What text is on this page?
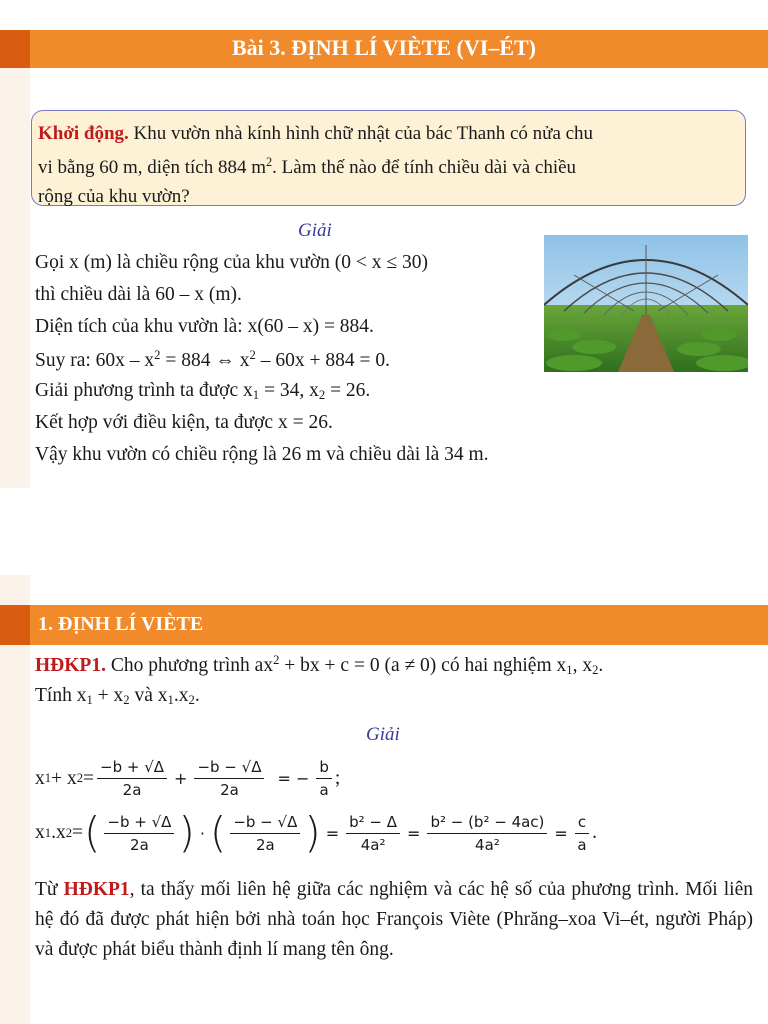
Bài 3. ĐỊNH LÍ VIÈTE (VI–ÉT)
Khởi động. Khu vườn nhà kính hình chữ nhật của bác Thanh có nửa chu
vi bằng 60 m, diện tích 884 $m^2$. Làm thế nào để tính chiều dài và chiều
rộng của khu vườn?
Giải
Gọi x (m) là chiều rộng của khu vườn (0 < x ≤ 30)
thì chiều dài là 60 – x (m).
Diện tích của khu vườn là: x(60 – x) = 884.
Suy ra: $60x - x^2 = 884$ ⇔ $x^2 - 60x + 884 = 0$.
Giải phương trình ta được $x_1 = 34$, $x_2 = 26$.
Kết hợp với điều kiện, ta được x = 26.
Vậy khu vườn có chiều rộng là 26 m và chiều dài là 34 m.
1. ĐỊNH LÍ VIÈTE
HĐKP1. Cho phương trình $ax^2$ + bx + c = 0 (a ≠ 0) có hai nghiệm $x_1$, $x_2$.
Tính $x_1 + x_2$ và $x_1.x_2$.
Giải
x 1 + x $2 = \frac{-b + √\Delta}{2a} + \frac{-b - √\Delta}{2a}$ = − $\frac{b}{a}$ ;
x 1 .x 2 = ( $\frac{-b + √\Delta}{2a}$ ) · ( $\frac{-b - √\Delta}{2a}$ ) = $\frac{\text{b² − Δ}}{\text{4a²}} = \frac{\text{b² − (b² − 4ac)}}{\text{4a²}} = \frac{c}{a}$ .
Từ HĐKP1, ta thấy mối liên hệ giữa các nghiệm và các hệ số của phương trình. Mối liên hệ đó đã được phát hiện bởi nhà toán học François Viète (Phrăng–xoa Vi–ét, người Pháp) và được phát biểu thành định lí mang tên ông.
